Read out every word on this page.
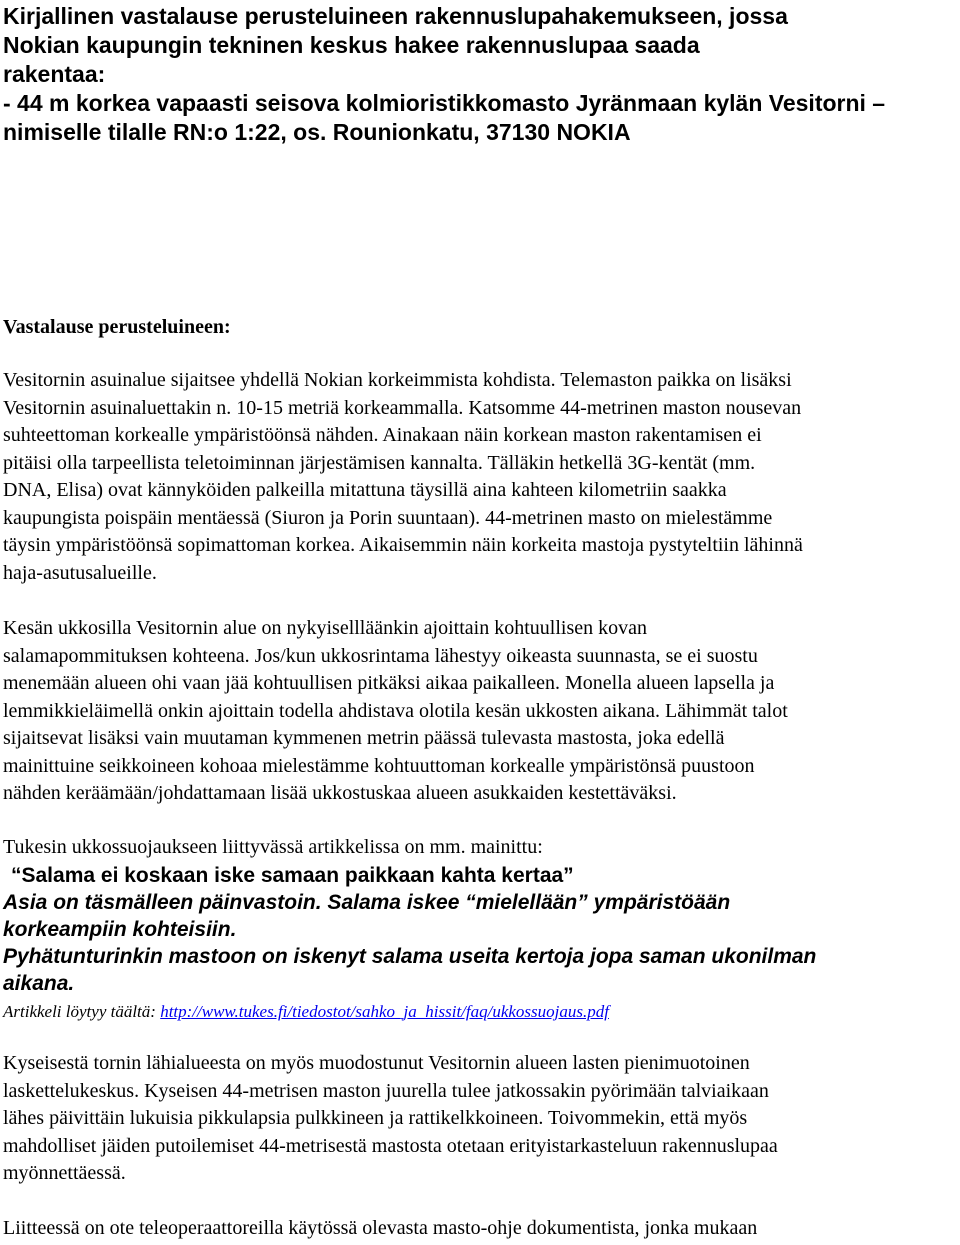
Kirjallinen vastalause perusteluineen rakennuslupahakemukseen, jossa
Nokian kaupungin tekninen keskus hakee rakennuslupaa saada
rakentaa:
- 44 m korkea vapaasti seisova kolmioristikkomasto Jyränmaan kylän Vesitorni –
nimiselle tilalle RN:o 1:22, os. Rounionkatu, 37130 NOKIA
Vastalause perusteluineen:

Vesitornin asuinalue sijaitsee yhdellä Nokian korkeimmista kohdista. Telemaston paikka on lisäksi
Vesitornin asuinaluettakin n. 10-15 metriä korkeammalla. Katsomme 44-metrinen maston nousevan
suhteettoman korkealle ympäristöönsä nähden. Ainakaan näin korkean maston rakentamisen ei
pitäisi olla tarpeellista teletoiminnan järjestämisen kannalta. Tälläkin hetkellä 3G-kentät (mm.
DNA, Elisa) ovat kännyköiden palkeilla mitattuna täysillä aina kahteen kilometriin saakka
kaupungista poispäin mentäessä (Siuron ja Porin suuntaan). 44-metrinen masto on mielestämme
täysin ympäristöönsä sopimattoman korkea. Aikaisemmin näin korkeita mastoja pystyteltiin lähinnä
haja-asutusalueille.

Kesän ukkosilla Vesitornin alue on nykyisellläänkin ajoittain kohtuullisen kovan
salamapommituksen kohteena. Jos/kun ukkosrintama lähestyy oikeasta suunnasta, se ei suostu
menemään alueen ohi vaan jää kohtuullisen pitkäksi aikaa paikalleen. Monella alueen lapsella ja
lemmikkieläimellä onkin ajoittain todella ahdistava olotila kesän ukkosten aikana. Lähimmät talot
sijaitsevat lisäksi vain muutaman kymmenen metrin päässä tulevasta mastosta, joka edellä
mainittuine seikkoineen kohoaa mielestämme kohtuuttoman korkealle ympäristönsä puustoon
nähden keräämään/johdattamaan lisää ukkostuskaa alueen asukkaiden kestettäväksi.

Tukesin ukkossuojaukseen liittyvässä artikkelissa on mm. mainittu:

“Salama ei koskaan iske samaan paikkaan kahta kertaa”
Asia on täsmälleen päinvastoin. Salama iskee “mielellään” ympäristöään
korkeampiin kohteisiin.
Pyhätunturinkin mastoon on iskenyt salama useita kertoja jopa saman ukonilman
aikana.
Artikkeli löytyy täältä: http://www.tukes.fi/tiedostot/sahko_ja_hissit/faq/ukkossuojaus.pdf

Kyseisestä tornin lähialueesta on myös muodostunut Vesitornin alueen lasten pienimuotoinen
laskettelukeskus. Kyseisen 44-metrisen maston juurella tulee jatkossakin pyörimään talviaikaan
lähes päivittäin lukuisia pikkulapsia pulkkineen ja rattikelkkoineen. Toivommekin, että myös
mahdolliset jäiden putoilemiset 44-metrisestä mastosta otetaan erityistarkasteluun rakennuslupaa
myönnettäessä.

Liitteessä on ote teleoperaattoreilla käytössä olevasta masto-ohje dokumentista, jonka mukaan
